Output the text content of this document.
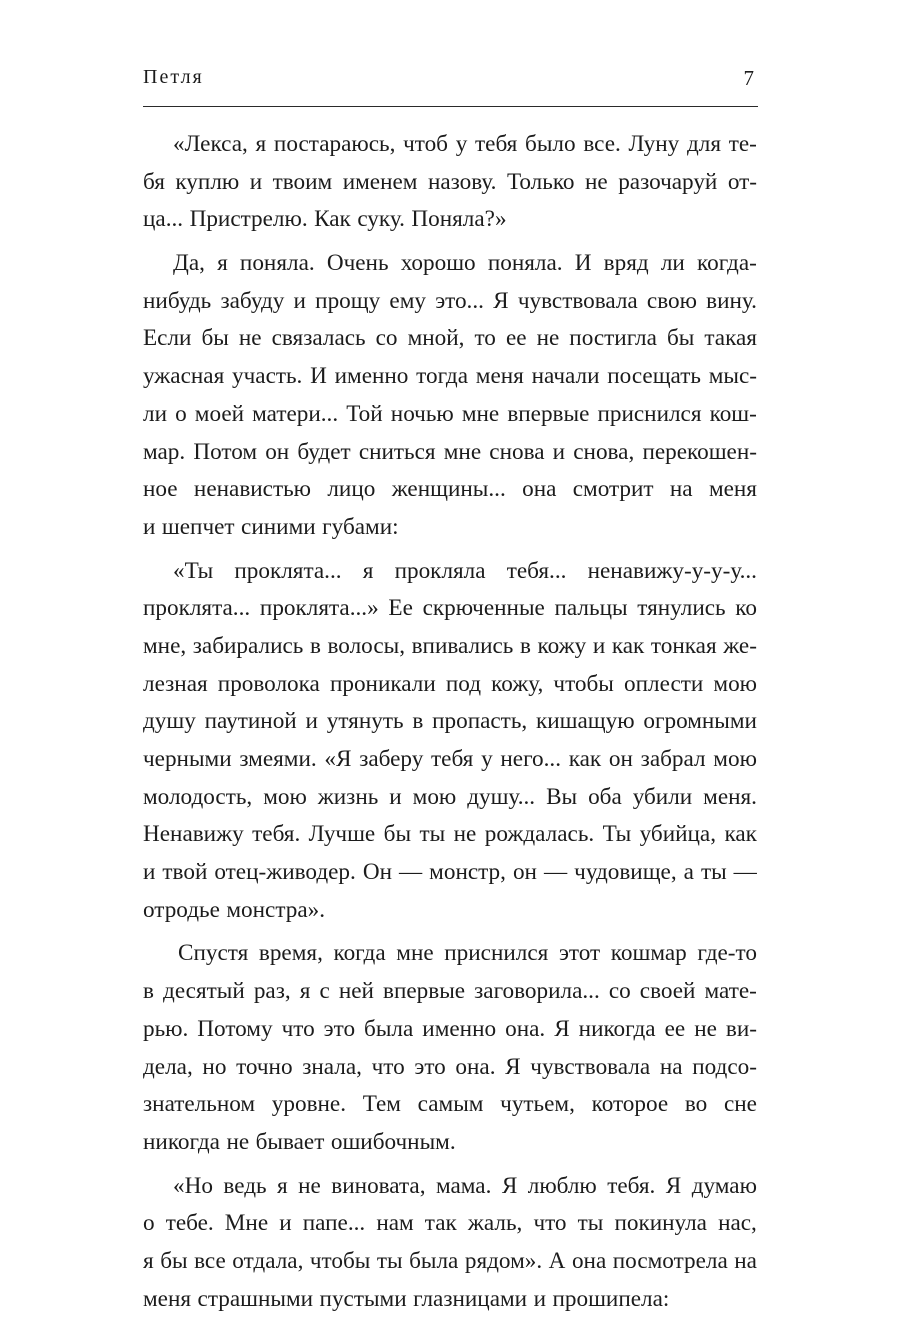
Петля	7
«Лекса, я постараюсь, чтоб у тебя было все. Луну для те-
бя куплю и твоим именем назову. Только не разочаруй от-
ца... Пристрелю. Как суку. Поняла?»
Да, я поняла. Очень хорошо поняла. И вряд ли когда-
нибудь забуду и прощу ему это... Я чувствовала свою вину.
Если бы не связалась со мной, то ее не постигла бы такая
ужасная участь. И именно тогда меня начали посещать мыс-
ли о моей матери... Той ночью мне впервые приснился кош-
мар. Потом он будет сниться мне снова и снова, перекошен-
ное ненавистью лицо женщины... она смотрит на меня
и шепчет синими губами:
«Ты проклята... я прокляла тебя... ненавижу-у-у-у...
проклята... проклята...» Ее скрюченные пальцы тянулись ко
мне, забирались в волосы, впивались в кожу и как тонкая же-
лезная проволока проникали под кожу, чтобы оплести мою
душу паутиной и утянуть в пропасть, кишащую огромными
черными змеями. «Я заберу тебя у него... как он забрал мою
молодость, мою жизнь и мою душу... Вы оба убили меня.
Ненавижу тебя. Лучше бы ты не рождалась. Ты убийца, как
и твой отец-живодер. Он — монстр, он — чудовище, а ты —
отродье монстра».
Спустя время, когда мне приснился этот кошмар где-то
в десятый раз, я с ней впервые заговорила... со своей мате-
рью. Потому что это была именно она. Я никогда ее не ви-
дела, но точно знала, что это она. Я чувствовала на подсо-
знательном уровне. Тем самым чутьем, которое во сне
никогда не бывает ошибочным.
«Но ведь я не виновата, мама. Я люблю тебя. Я думаю
о тебе. Мне и папе... нам так жаль, что ты покинула нас,
я бы все отдала, чтобы ты была рядом». А она посмотрела на
меня страшными пустыми глазницами и прошипела:
